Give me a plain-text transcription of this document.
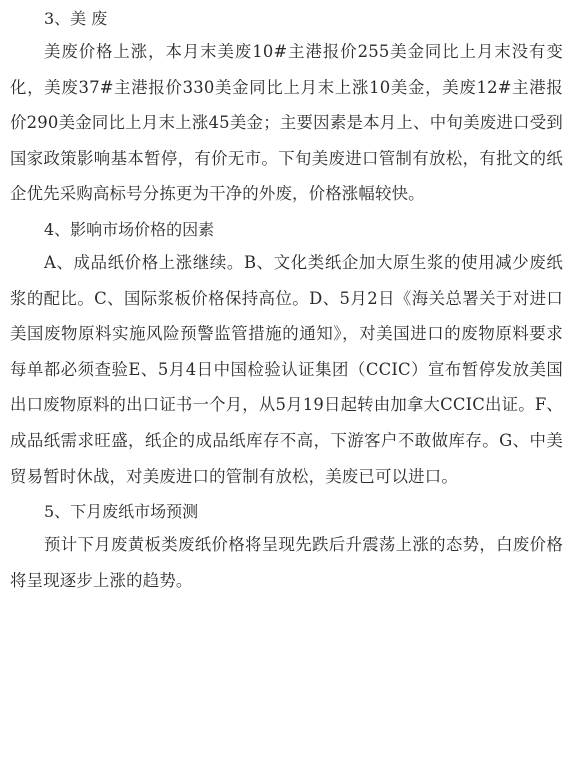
3、美 废

美废价格上涨，本月末美废10#主港报价255美金同比上月末没有变化，美废37#主港报价330美金同比上月末上涨10美金，美废12#主港报价290美金同比上月末上涨45美金；主要因素是本月上、中旬美废进口受到国家政策影响基本暂停，有价无市。下旬美废进口管制有放松，有批文的纸企优先采购高标号分拣更为干净的外废，价格涨幅较快。

4、影响市场价格的因素

A、成品纸价格上涨继续。B、文化类纸企加大原生浆的使用减少废纸浆的配比。C、国际浆板价格保持高位。D、5月2日《海关总署关于对进口美国废物原料实施风险预警监管措施的通知》，对美国进口的废物原料要求每单都必须查验E、5月4日中国检验认证集团（CCIC）宣布暂停发放美国出口废物原料的出口证书一个月，从5月19日起转由加拿大CCIC出证。F、成品纸需求旺盛，纸企的成品纸库存不高，下游客户不敢做库存。G、中美贸易暂时休战，对美废进口的管制有放松，美废已可以进口。

5、下月废纸市场预测

预计下月废黄板类废纸价格将呈现先跌后升震荡上涨的态势，白废价格将呈现逐步上涨的趋势。
